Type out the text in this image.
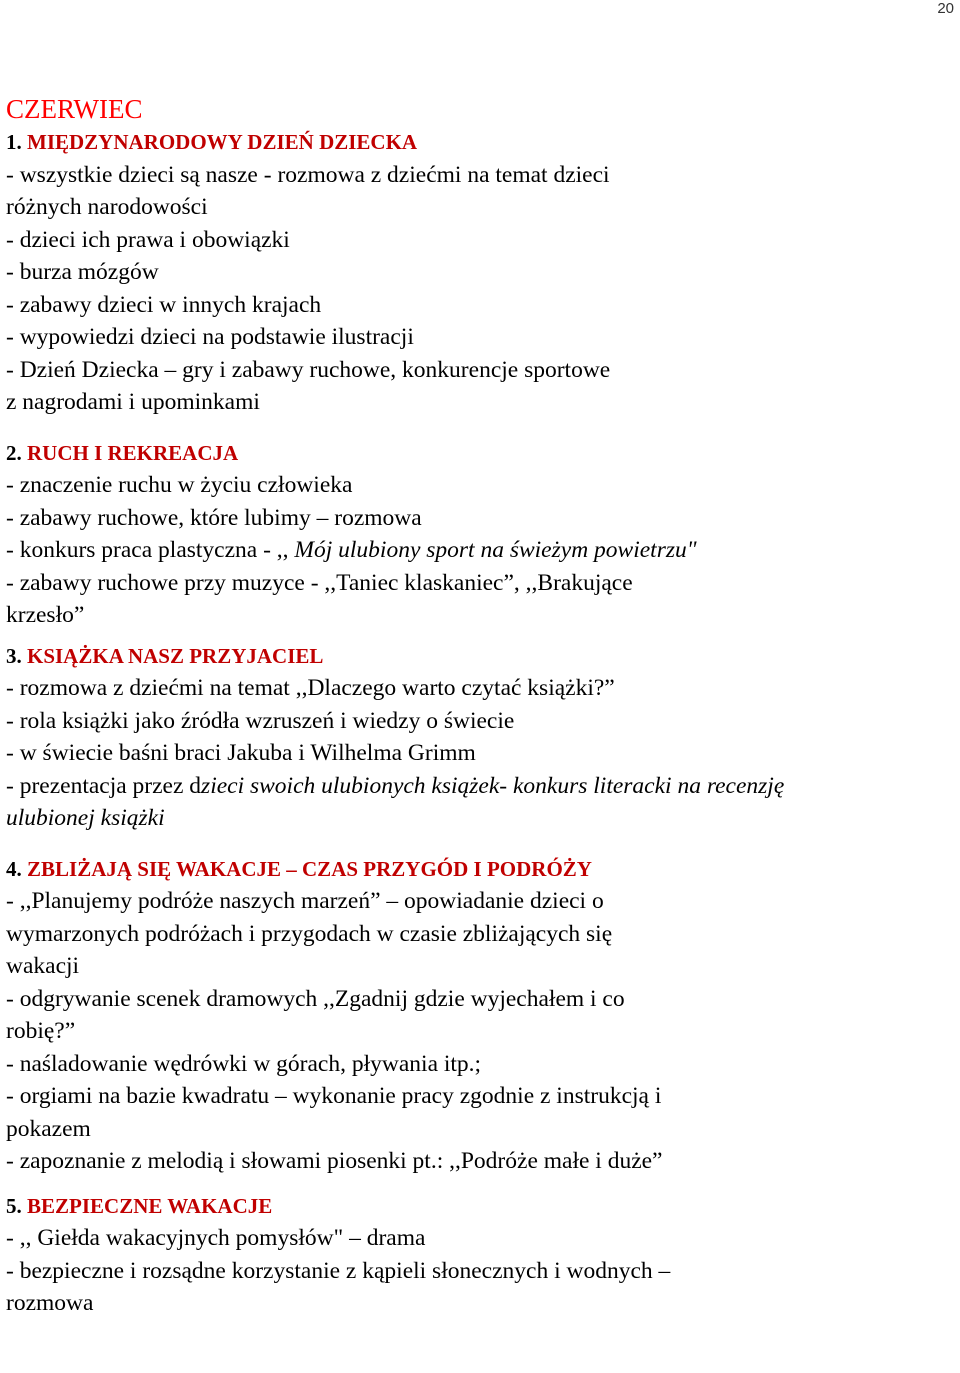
20
CZERWIEC
1. MIĘDZYNARODOWY DZIEŃ DZIECKA
- wszystkie dzieci są nasze - rozmowa z dziećmi na temat dzieci
różnych narodowości
- dzieci ich prawa i obowiązki
- burza mózgów
- zabawy dzieci w innych krajach
- wypowiedzi dzieci na podstawie ilustracji
- Dzień Dziecka – gry i zabawy ruchowe, konkurencje sportowe
z nagrodami i upominkami
2. RUCH I REKREACJA
- znaczenie ruchu w życiu człowieka
- zabawy ruchowe, które lubimy – rozmowa
- konkurs praca plastyczna - ,, Mój ulubiony sport na świeżym powietrzu"
- zabawy ruchowe przy muzyce - ,,Taniec klaskaniec”, ,,Brakujące
krzesło”
3. KSIĄŻKA NASZ PRZYJACIEL
- rozmowa z dziećmi na temat ,,Dlaczego warto czytać książki?”
- rola książki jako źródła wzruszeń i wiedzy o świecie
- w świecie baśni braci Jakuba i Wilhelma Grimm
- prezentacja przez dzieci swoich ulubionych książek- konkurs literacki na recenzję
ulubionej książki
4. ZBLIŻAJĄ SIĘ WAKACJE – CZAS PRZYGÓD I PODRÓŻY
- ,,Planujemy podróże naszych marzeń” – opowiadanie dzieci o
wymarzonych podróżach i przygodach w czasie zbliżających się
wakacji
- odgrywanie scenek dramowych ,,Zgadnij gdzie wyjechałem i co
robię?”
- naśladowanie wędrówki w górach, pływania itp.;
- orgiami na bazie kwadratu – wykonanie pracy zgodnie z instrukcją i
pokazem
- zapoznanie z melodią i słowami piosenki pt.: ,,Podróże małe i duże”
5. BEZPIECZNE WAKACJE
- ,, Giełda wakacyjnych pomysłów" – drama
- bezpieczne i rozsądne korzystanie z kąpieli słonecznych i wodnych –
rozmowa
